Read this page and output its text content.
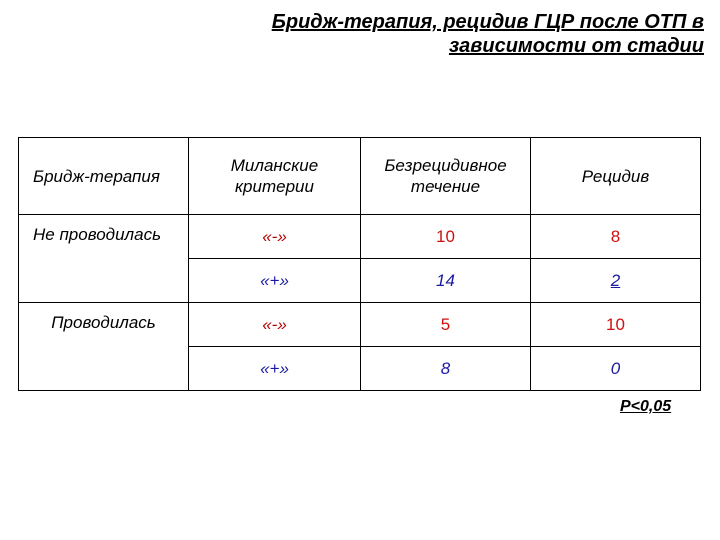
Бридж-терапия, рецидив ГЦР после ОТП в
зависимости от стадии
Бридж-терапия	Миланские критерии	Безрецидивное течение	Рецидив
Не проводилась	«-»	10	8
	«+»	14	2
Проводилась	«-»	5	10
	«+»	8	0
P<0,05
